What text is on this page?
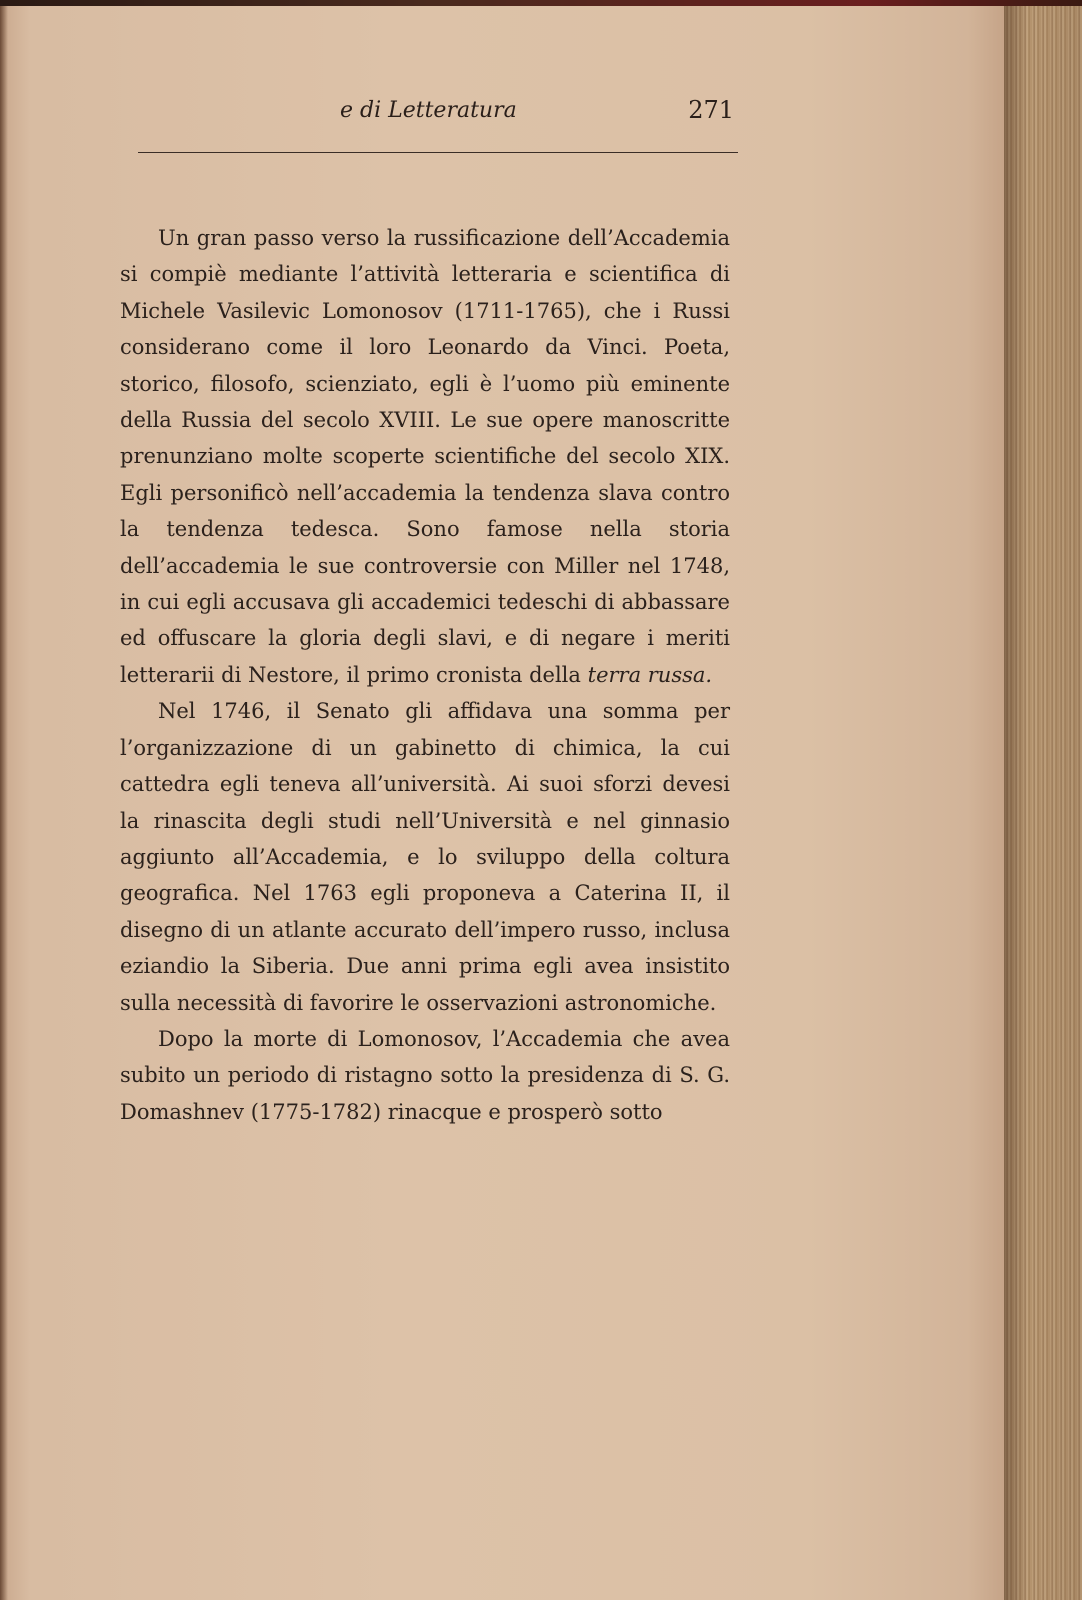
e di Letteratura	271

Un gran passo verso la russificazione dell’Accademia si compiè mediante l’attività letteraria e scientifica di Michele Vasilevic Lomonosov (1711-1765), che i Russi considerano come il loro Leonardo da Vinci. Poeta, storico, filosofo, scienziato, egli è l’uomo più eminente della Russia del secolo XVIII. Le sue opere manoscritte prenunziano molte scoperte scientifiche del secolo XIX. Egli personificò nell’accademia la tendenza slava contro la tendenza tedesca. Sono famose nella storia dell’accademia le sue controversie con Miller nel 1748, in cui egli accusava gli accademici tedeschi di abbassare ed offuscare la gloria degli slavi, e di negare i meriti letterarii di Nestore, il primo cronista della terra russa.

Nel 1746, il Senato gli affidava una somma per l’organizzazione di un gabinetto di chimica, la cui cattedra egli teneva all’università. Ai suoi sforzi devesi la rinascita degli studi nell’Università e nel ginnasio aggiunto all’Accademia, e lo sviluppo della coltura geografica. Nel 1763 egli proponeva a Caterina II, il disegno di un atlante accurato dell’impero russo, inclusa eziandio la Siberia. Due anni prima egli avea insistito sulla necessità di favorire le osservazioni astronomiche.

Dopo la morte di Lomonosov, l’Accademia che avea subito un periodo di ristagno sotto la presidenza di S. G. Domashnev (1775-1782) rinacque e prosperò sotto
